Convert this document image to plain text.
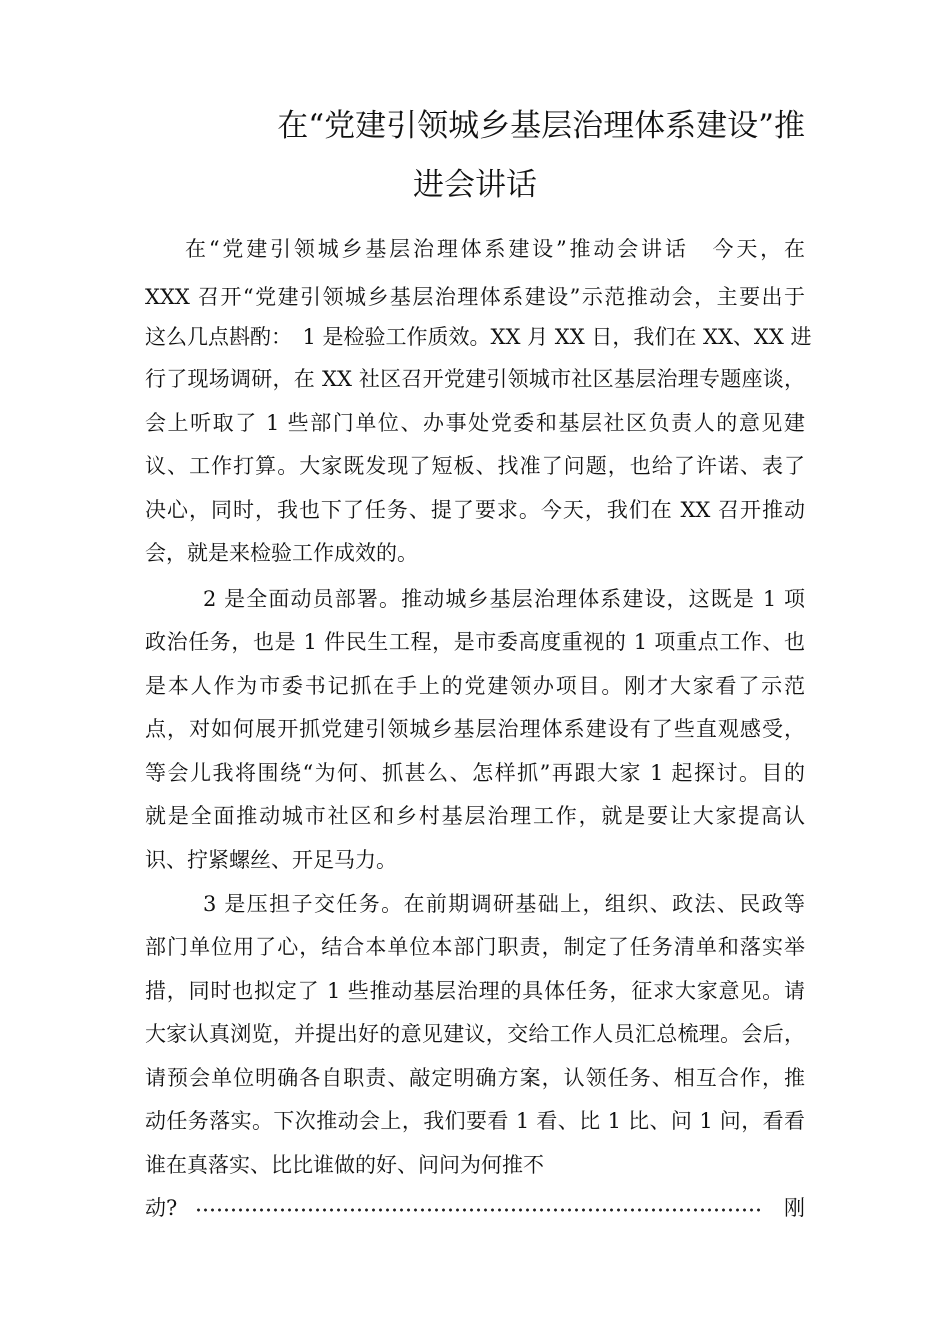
在“党建引领城乡基层治理体系建设”推
进会讲话
在“党建引领城乡基层治理体系建设”推动会讲话　今天，在
XXX 召开“党建引领城乡基层治理体系建设”示范推动会，主要出于
这么几点斟酌：　1 是检验工作质效。XX 月 XX 日，我们在 XX、XX 进
行了现场调研，在 XX 社区召开党建引领城市社区基层治理专题座谈，
会上听取了 1 些部门单位、办事处党委和基层社区负责人的意见建
议、工作打算。大家既发现了短板、找准了问题，也给了许诺、表了
决心，同时，我也下了任务、提了要求。今天，我们在 XX 召开推动
会，就是来检验工作成效的。
2 是全面动员部署。推动城乡基层治理体系建设，这既是 1 项
政治任务，也是 1 件民生工程，是市委高度重视的 1 项重点工作、也
是本人作为市委书记抓在手上的党建领办项目。刚才大家看了示范
点，对如何展开抓党建引领城乡基层治理体系建设有了些直观感受，
等会儿我将围绕“为何、抓甚么、怎样抓”再跟大家 1 起探讨。目的
就是全面推动城市社区和乡村基层治理工作，就是要让大家提高认
识、拧紧螺丝、开足马力。
3 是压担子交任务。在前期调研基础上，组织、政法、民政等
部门单位用了心，结合本单位本部门职责，制定了任务清单和落实举
措，同时也拟定了 1 些推动基层治理的具体任务，征求大家意见。请
大家认真浏览，并提出好的意见建议，交给工作人员汇总梳理。会后，
请预会单位明确各自职责、敲定明确方案，认领任务、相互合作，推
动任务落实。下次推动会上，我们要看 1 看、比 1 比、问 1 问，看看
谁在真落实、比比谁做的好、问问为何推不
动?	刚
